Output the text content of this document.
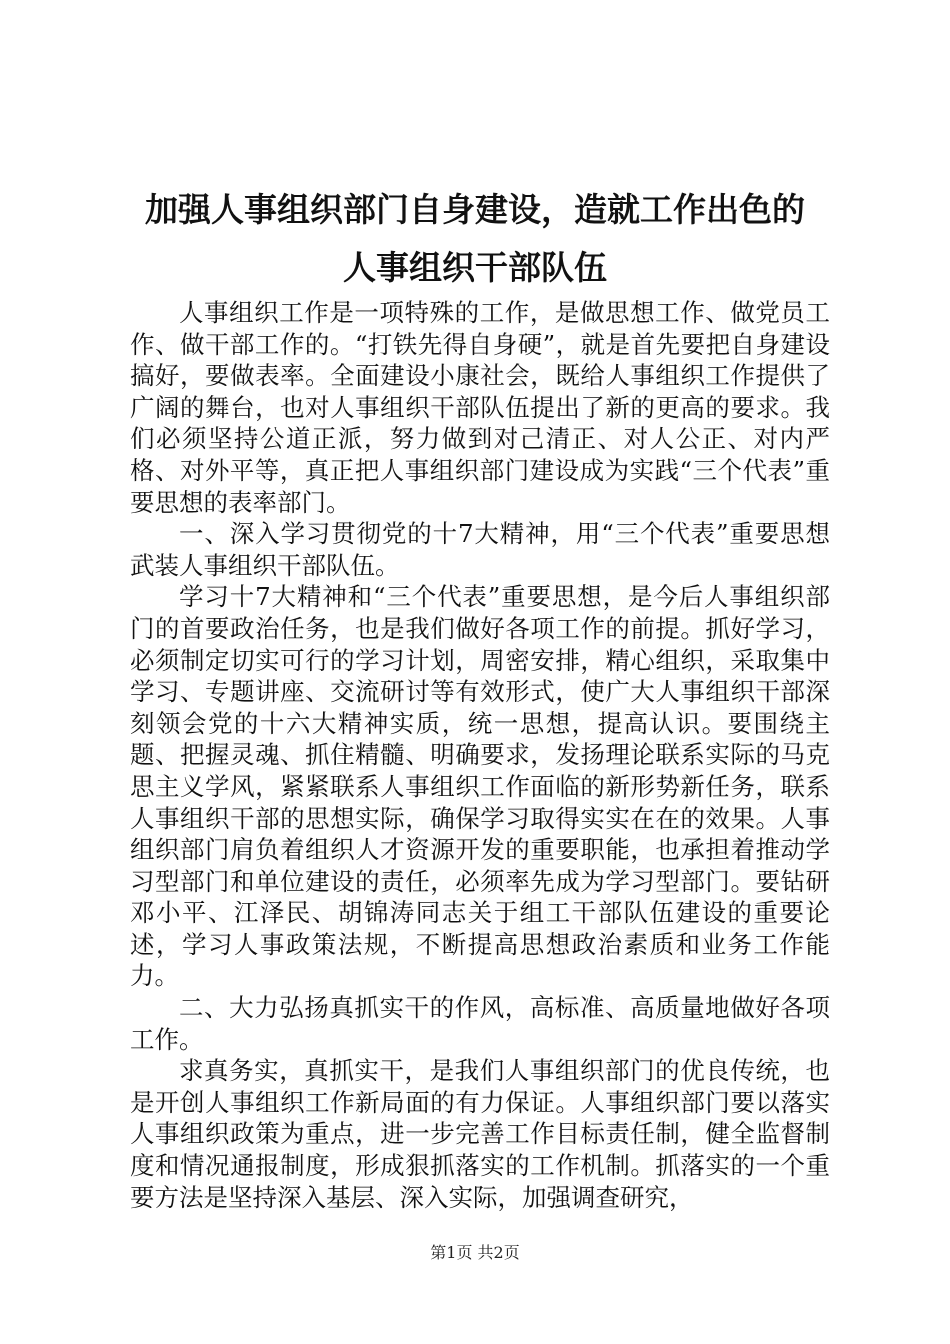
加强人事组织部门自身建设，造就工作出色的
人事组织干部队伍

人事组织工作是一项特殊的工作，是做思想工作、做党员工作、做干部工作的。“打铁先得自身硬”，就是首先要把自身建设搞好，要做表率。全面建设小康社会，既给人事组织工作提供了广阔的舞台，也对人事组织干部队伍提出了新的更高的要求。我们必须坚持公道正派，努力做到对己清正、对人公正、对内严格、对外平等，真正把人事组织部门建设成为实践“三个代表”重要思想的表率部门。

一、深入学习贯彻党的十7大精神，用“三个代表”重要思想武装人事组织干部队伍。

学习十7大精神和“三个代表”重要思想，是今后人事组织部门的首要政治任务，也是我们做好各项工作的前提。抓好学习，必须制定切实可行的学习计划，周密安排，精心组织，采取集中学习、专题讲座、交流研讨等有效形式，使广大人事组织干部深刻领会党的十六大精神实质，统一思想，提高认识。要围绕主题、把握灵魂、抓住精髓、明确要求，发扬理论联系实际的马克思主义学风，紧紧联系人事组织工作面临的新形势新任务，联系人事组织干部的思想实际，确保学习取得实实在在的效果。人事组织部门肩负着组织人才资源开发的重要职能，也承担着推动学习型部门和单位建设的责任，必须率先成为学习型部门。要钻研邓小平、江泽民、胡锦涛同志关于组工干部队伍建设的重要论述，学习人事政策法规，不断提高思想政治素质和业务工作能力。

二、大力弘扬真抓实干的作风，高标准、高质量地做好各项工作。

求真务实，真抓实干，是我们人事组织部门的优良传统，也是开创人事组织工作新局面的有力保证。人事组织部门要以落实人事组织政策为重点，进一步完善工作目标责任制，健全监督制度和情况通报制度，形成狠抓落实的工作机制。抓落实的一个重要方法是坚持深入基层、深入实际，加强调查研究，

第1页 共2页
